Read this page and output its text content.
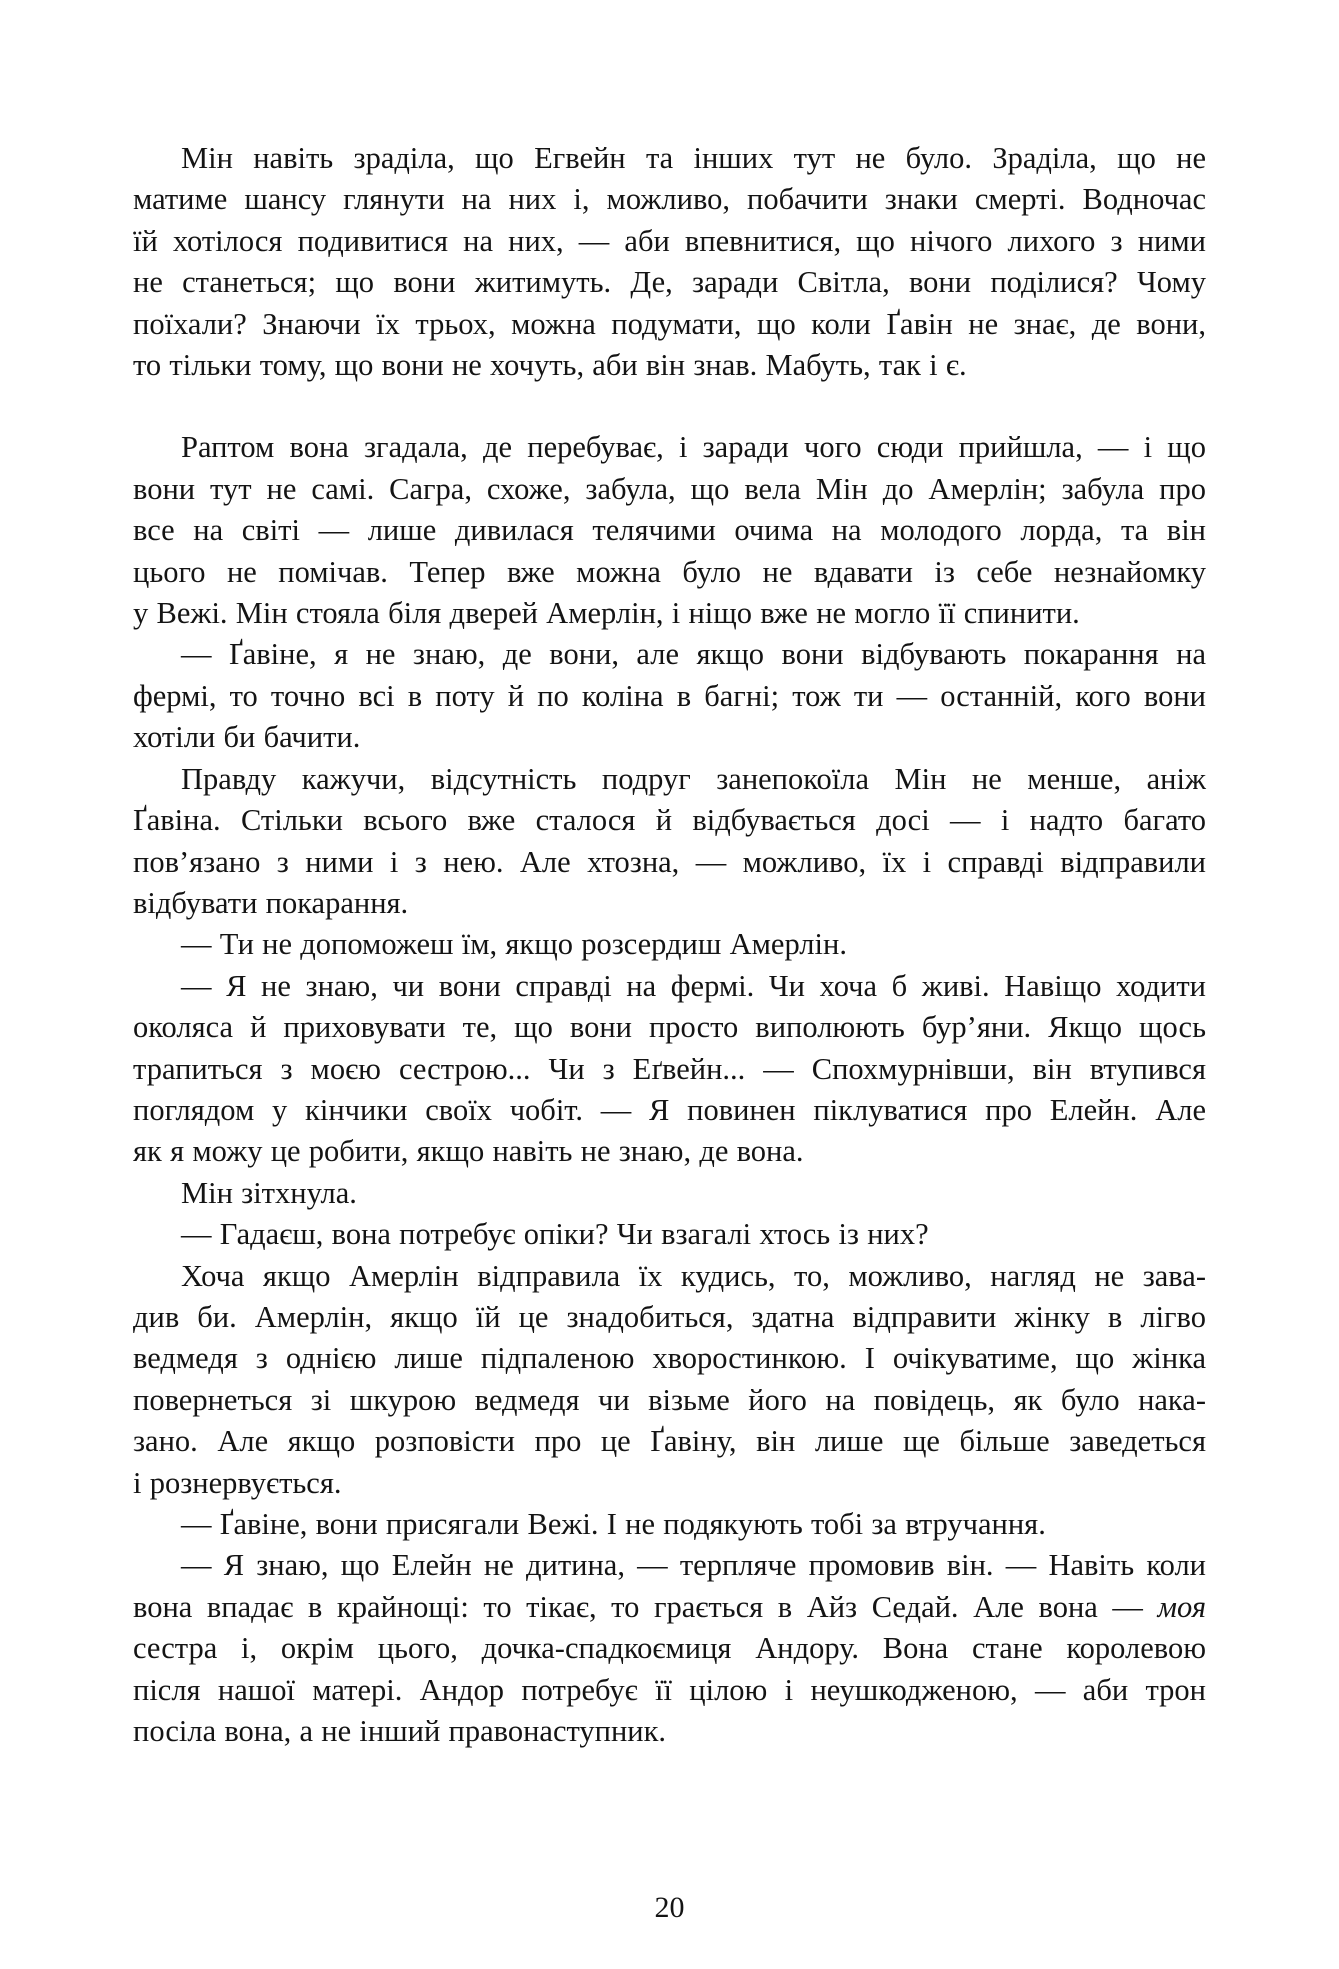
Мін навіть зраділа, що Егвейн та інших тут не було. Зраділа, що не
матиме шансу глянути на них і, можливо, побачити знаки смерті. Водночас
їй хотілося подивитися на них, — аби впевнитися, що нічого лихого з ними
не станеться; що вони житимуть. Де, заради Світла, вони поділися? Чому
поїхали? Знаючи їх трьох, можна подумати, що коли Ґавін не знає, де вони,
то тільки тому, що вони не хочуть, аби він знав. Мабуть, так і є.

Раптом вона згадала, де перебуває, і заради чого сюди прийшла, — і що
вони тут не самі. Сагра, схоже, забула, що вела Мін до Амерлін; забула про
все на світі — лише дивилася телячими очима на молодого лорда, та він
цього не помічав. Тепер вже можна було не вдавати із себе незнайомку
у Вежі. Мін стояла біля дверей Амерлін, і ніщо вже не могло її спинити.

— Ґавіне, я не знаю, де вони, але якщо вони відбувають покарання на
фермі, то точно всі в поту й по коліна в багні; тож ти — останній, кого вони
хотіли би бачити.

Правду кажучи, відсутність подруг занепокоїла Мін не менше, аніж
Ґавіна. Стільки всього вже сталося й відбувається досі — і надто багато
пов’язано з ними і з нею. Але хтозна, — можливо, їх і справді відправили
відбувати покарання.

— Ти не допоможеш їм, якщо розсердиш Амерлін.

— Я не знаю, чи вони справді на фермі. Чи хоча б живі. Навіщо ходити
околяса й приховувати те, що вони просто виполюють бур’яни. Якщо щось
трапиться з моєю сестрою... Чи з Еґвейн... — Спохмурнівши, він втупився
поглядом у кінчики своїх чобіт. — Я повинен піклуватися про Елейн. Але
як я можу це робити, якщо навіть не знаю, де вона.

Мін зітхнула.

— Гадаєш, вона потребує опіки? Чи взагалі хтось із них?

Хоча якщо Амерлін відправила їх кудись, то, можливо, нагляд не зава-
див би. Амерлін, якщо їй це знадобиться, здатна відправити жінку в лігво
ведмедя з однією лише підпаленою хворостинкою. І очікуватиме, що жінка
повернеться зі шкурою ведмедя чи візьме його на повідець, як було нака-
зано. Але якщо розповісти про це Ґавіну, він лише ще більше заведеться
і рознервується.

— Ґавіне, вони присягали Вежі. І не подякують тобі за втручання.

— Я знаю, що Елейн не дитина, — терпляче промовив він. — Навіть коли
вона впадає в крайнощі: то тікає, то грається в Айз Седай. Але вона — моя
сестра і, окрім цього, дочка-спадкоємиця Андору. Вона стане королевою
після нашої матері. Андор потребує її цілою і неушкодженою, — аби трон
посіла вона, а не інший правонаступник.

20
